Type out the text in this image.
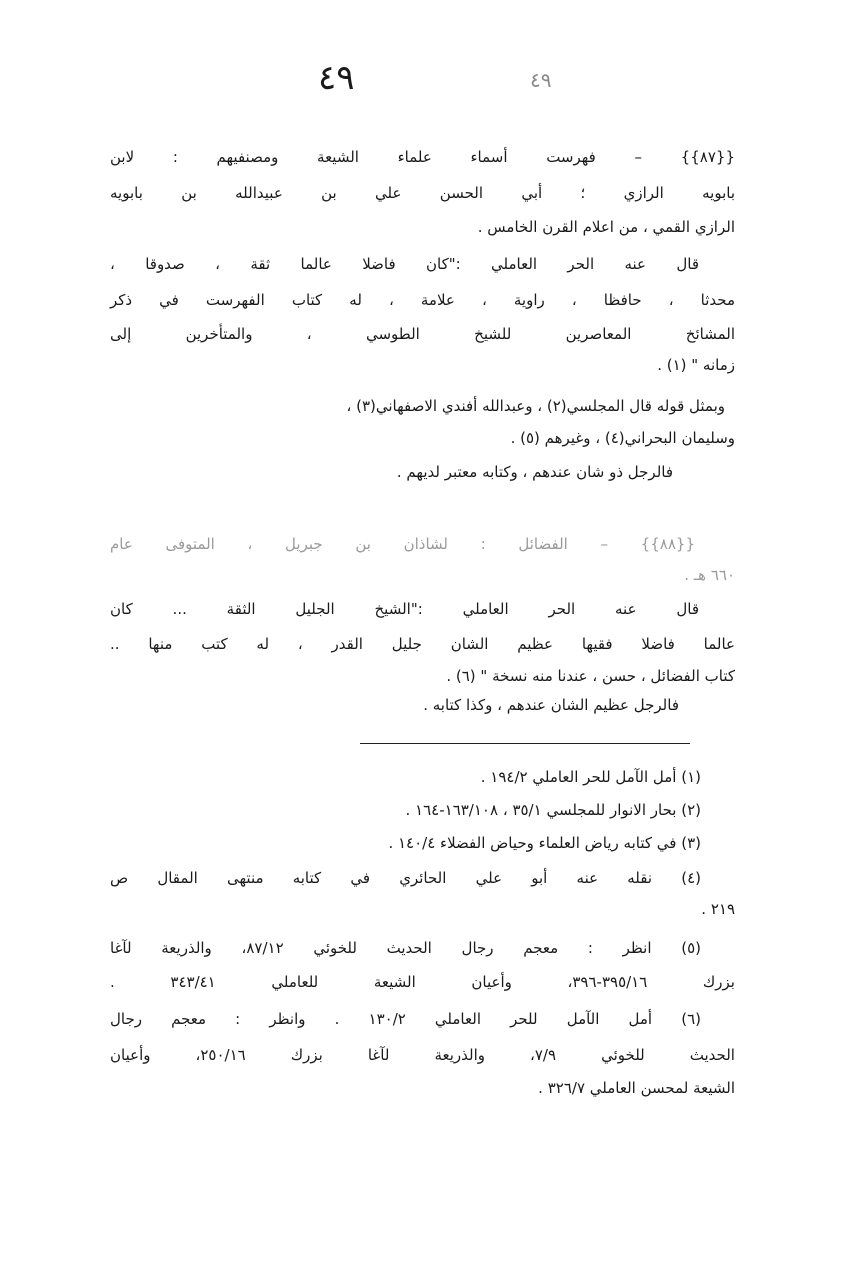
٤٩	٤٩
{{٨٧}} – فهرست أسماء علماء الشيعة ومصنفيهم : لابن
بابويه الرازي ؛ أبي الحسن علي بن عبيدالله بن بابويه
الرازي القمي ، من اعلام القرن الخامس .
قال عنه الحر العاملي :"كان فاضلا عالما ثقة ، صدوقا ،
محدثا ، حافظا ، راوية ، علامة ، له كتاب الفهرست في ذكر
المشائخ المعاصرين للشيخ الطوسي ، والمتأخرين إلى
زمانه " (١) .
وبمثل قوله قال المجلسي(٢) ، وعبدالله أفندي الاصفهاني(٣) ،
وسليمان البحراني(٤) ، وغيرهم (٥) .
فالرجل ذو شان عندهم ، وكتابه معتبر لديهم .
{{٨٨}} – الفضائل : لشاذان بن جبريل ، المتوفى عام
٦٦٠ هـ .
قال عنه الحر العاملي :"الشيخ الجليل الثقة ... كان
عالما فاضلا فقيها عظيم الشان جليل القدر ، له كتب منها ..
كتاب الفضائل ، حسن ، عندنا منه نسخة " (٦) .
فالرجل عظيم الشان عندهم ، وكذا كتابه .
(١) أمل الآمل للحر العاملي ١٩٤/٢ .
(٢) بحار الانوار للمجلسي ٣٥/١ ، ١٦٣/١٠٨-١٦٤ .
(٣) في كتابه رياض العلماء وحياض الفضلاء ١٤٠/٤ .
(٤) نقله عنه أبو علي الحائري في كتابه منتهى المقال ص
٢١٩ .
(٥) انظر : معجم رجال الحديث للخوئي ٨٧/١٢، والذريعة لآغا
بزرك ٣٩٥/١٦-٣٩٦، وأعيان الشيعة للعاملي ٣٤٣/٤١ .
(٦) أمل الآمل للحر العاملي ١٣٠/٢ . وانظر : معجم رجال
الحديث للخوئي ٧/٩، والذريعة لآغا بزرك ٢٥٠/١٦، وأعيان
الشيعة لمحسن العاملي ٣٢٦/٧ .
